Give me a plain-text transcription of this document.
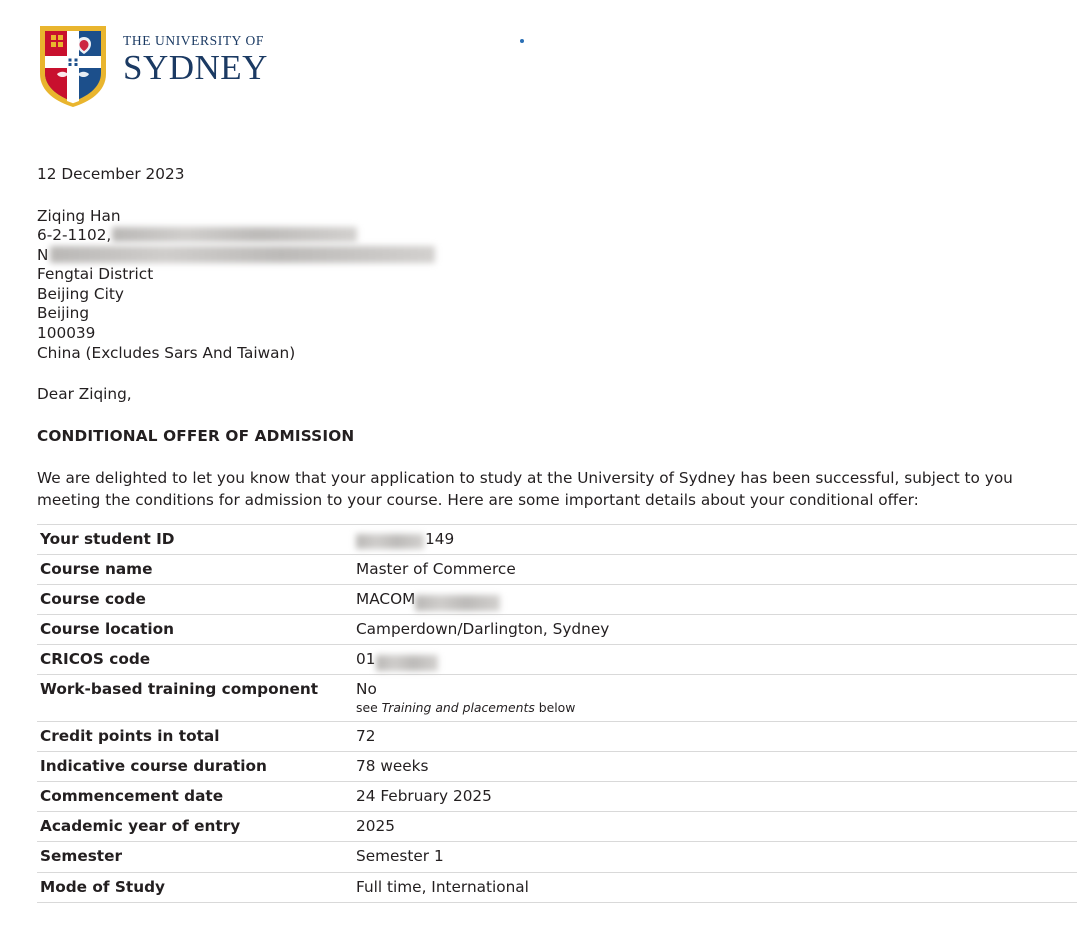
THE UNIVERSITY OF
SYDNEY
12 December 2023
Ziqing Han
6-2-1102,
N
Fengtai District
Beijing City
Beijing
100039
China (Excludes Sars And Taiwan)
Dear Ziqing,
CONDITIONAL OFFER OF ADMISSION
We are delighted to let you know that your application to study at the University of Sydney has been successful, subject to you meeting the conditions for admission to your course. Here are some important details about your conditional offer:
Your student ID	149
Course name	Master of Commerce
Course code	MACOM
Course location	Camperdown/Darlington, Sydney
CRICOS code	01
Work-based training component	No
see Training and placements below

Credit points in total	72
Indicative course duration	78 weeks
Commencement date	24 February 2025
Academic year of entry	2025
Semester	Semester 1
Mode of Study	Full time, International
